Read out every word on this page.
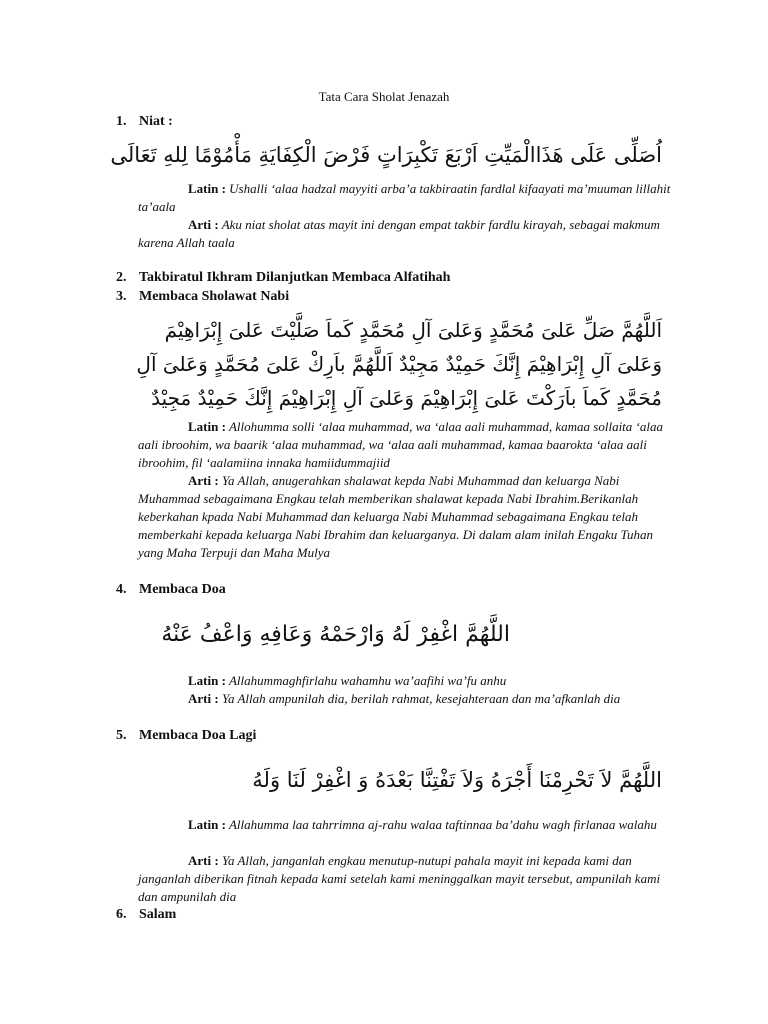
Tata Cara Sholat Jenazah
1. Niat :
اُصَلِّى عَلَى هَذَاالْمَيِّتِ اَرْبَعَ تَكْبِرَاتٍ فَرْضَ الْكِفَايَةِ مَأْمُوْمًا لِلهِ تَعَالَى
Latin : Ushalli ‘alaa hadzal mayyiti arba’a takbiraatin fardlal kifaayati ma’muuman lillahit ta’aala
Arti : Aku niat sholat atas mayit ini dengan empat takbir fardlu kirayah, sebagai makmum karena Allah taala
2. Takbiratul Ikhram Dilanjutkan Membaca Alfatihah
3. Membaca Sholawat Nabi
اَللَّهُمَّ صَلِّ عَلىَ مُحَمَّدٍ وَعَلىَ آلِ مُحَمَّدٍ كَماَ صَلَّيْتَ عَلىَ إِبْرَاهِيْمَ
وَعَلىَ آلِ إِبْرَاهِيْمَ إِنَّكَ حَمِيْدٌ مَجِيْدٌ اَللَّهُمَّ باَرِكْ عَلىَ مُحَمَّدٍ وَعَلىَ آلِ
مُحَمَّدٍ كَماَ باَرَكْتَ عَلىَ إِبْرَاهِيْمَ وَعَلىَ آلِ إِبْرَاهِيْمَ إِنَّكَ حَمِيْدٌ مَجِيْدٌ
Latin : Allohumma solli ‘alaa muhammad, wa ‘alaa aali muhammad, kamaa sollaita ‘alaa aali ibroohim, wa baarik ‘alaa muhammad, wa ‘alaa aali muhammad, kamaa baarokta ‘alaa aali ibroohim, fil ‘aalamiina innaka hamiidummajiid
Arti : Ya Allah, anugerahkan shalawat kepda Nabi Muhammad dan keluarga Nabi Muhammad sebagaimana Engkau telah memberikan shalawat kepada Nabi Ibrahim.Berikanlah keberkahan kpada Nabi Muhammad dan keluarga Nabi Muhammad sebagaimana Engkau telah memberkahi kepada keluarga Nabi Ibrahim dan keluarganya. Di dalam alam inilah Engaku Tuhan yang Maha Terpuji dan Maha Mulya
4. Membaca Doa
اللَّهُمَّ اغْفِرْ لَهُ وَارْحَمْهُ وَعَافِهِ وَاعْفُ عَنْهُ
Latin : Allahummaghfirlahu wahamhu wa’aafihi wa’fu anhu
Arti : Ya Allah ampunilah dia, berilah rahmat, kesejahteraan dan ma’afkanlah dia
5. Membaca Doa Lagi
اللَّهُمَّ لاَ تَحْرِمْنَا أَجْرَهُ وَلاَ تَفْتِنَّا بَعْدَهُ وَ اغْفِرْ لَنَا وَلَهُ
Latin : Allahumma laa tahrrimna aj-rahu walaa taftinnaa ba’dahu wagh firlanaa walahu
Arti : Ya Allah, janganlah engkau menutup-nutupi pahala mayit ini kepada kami dan janganlah diberikan fitnah kepada kami setelah kami meninggalkan mayit tersebut, ampunilah kami dan ampunilah dia
6. Salam
